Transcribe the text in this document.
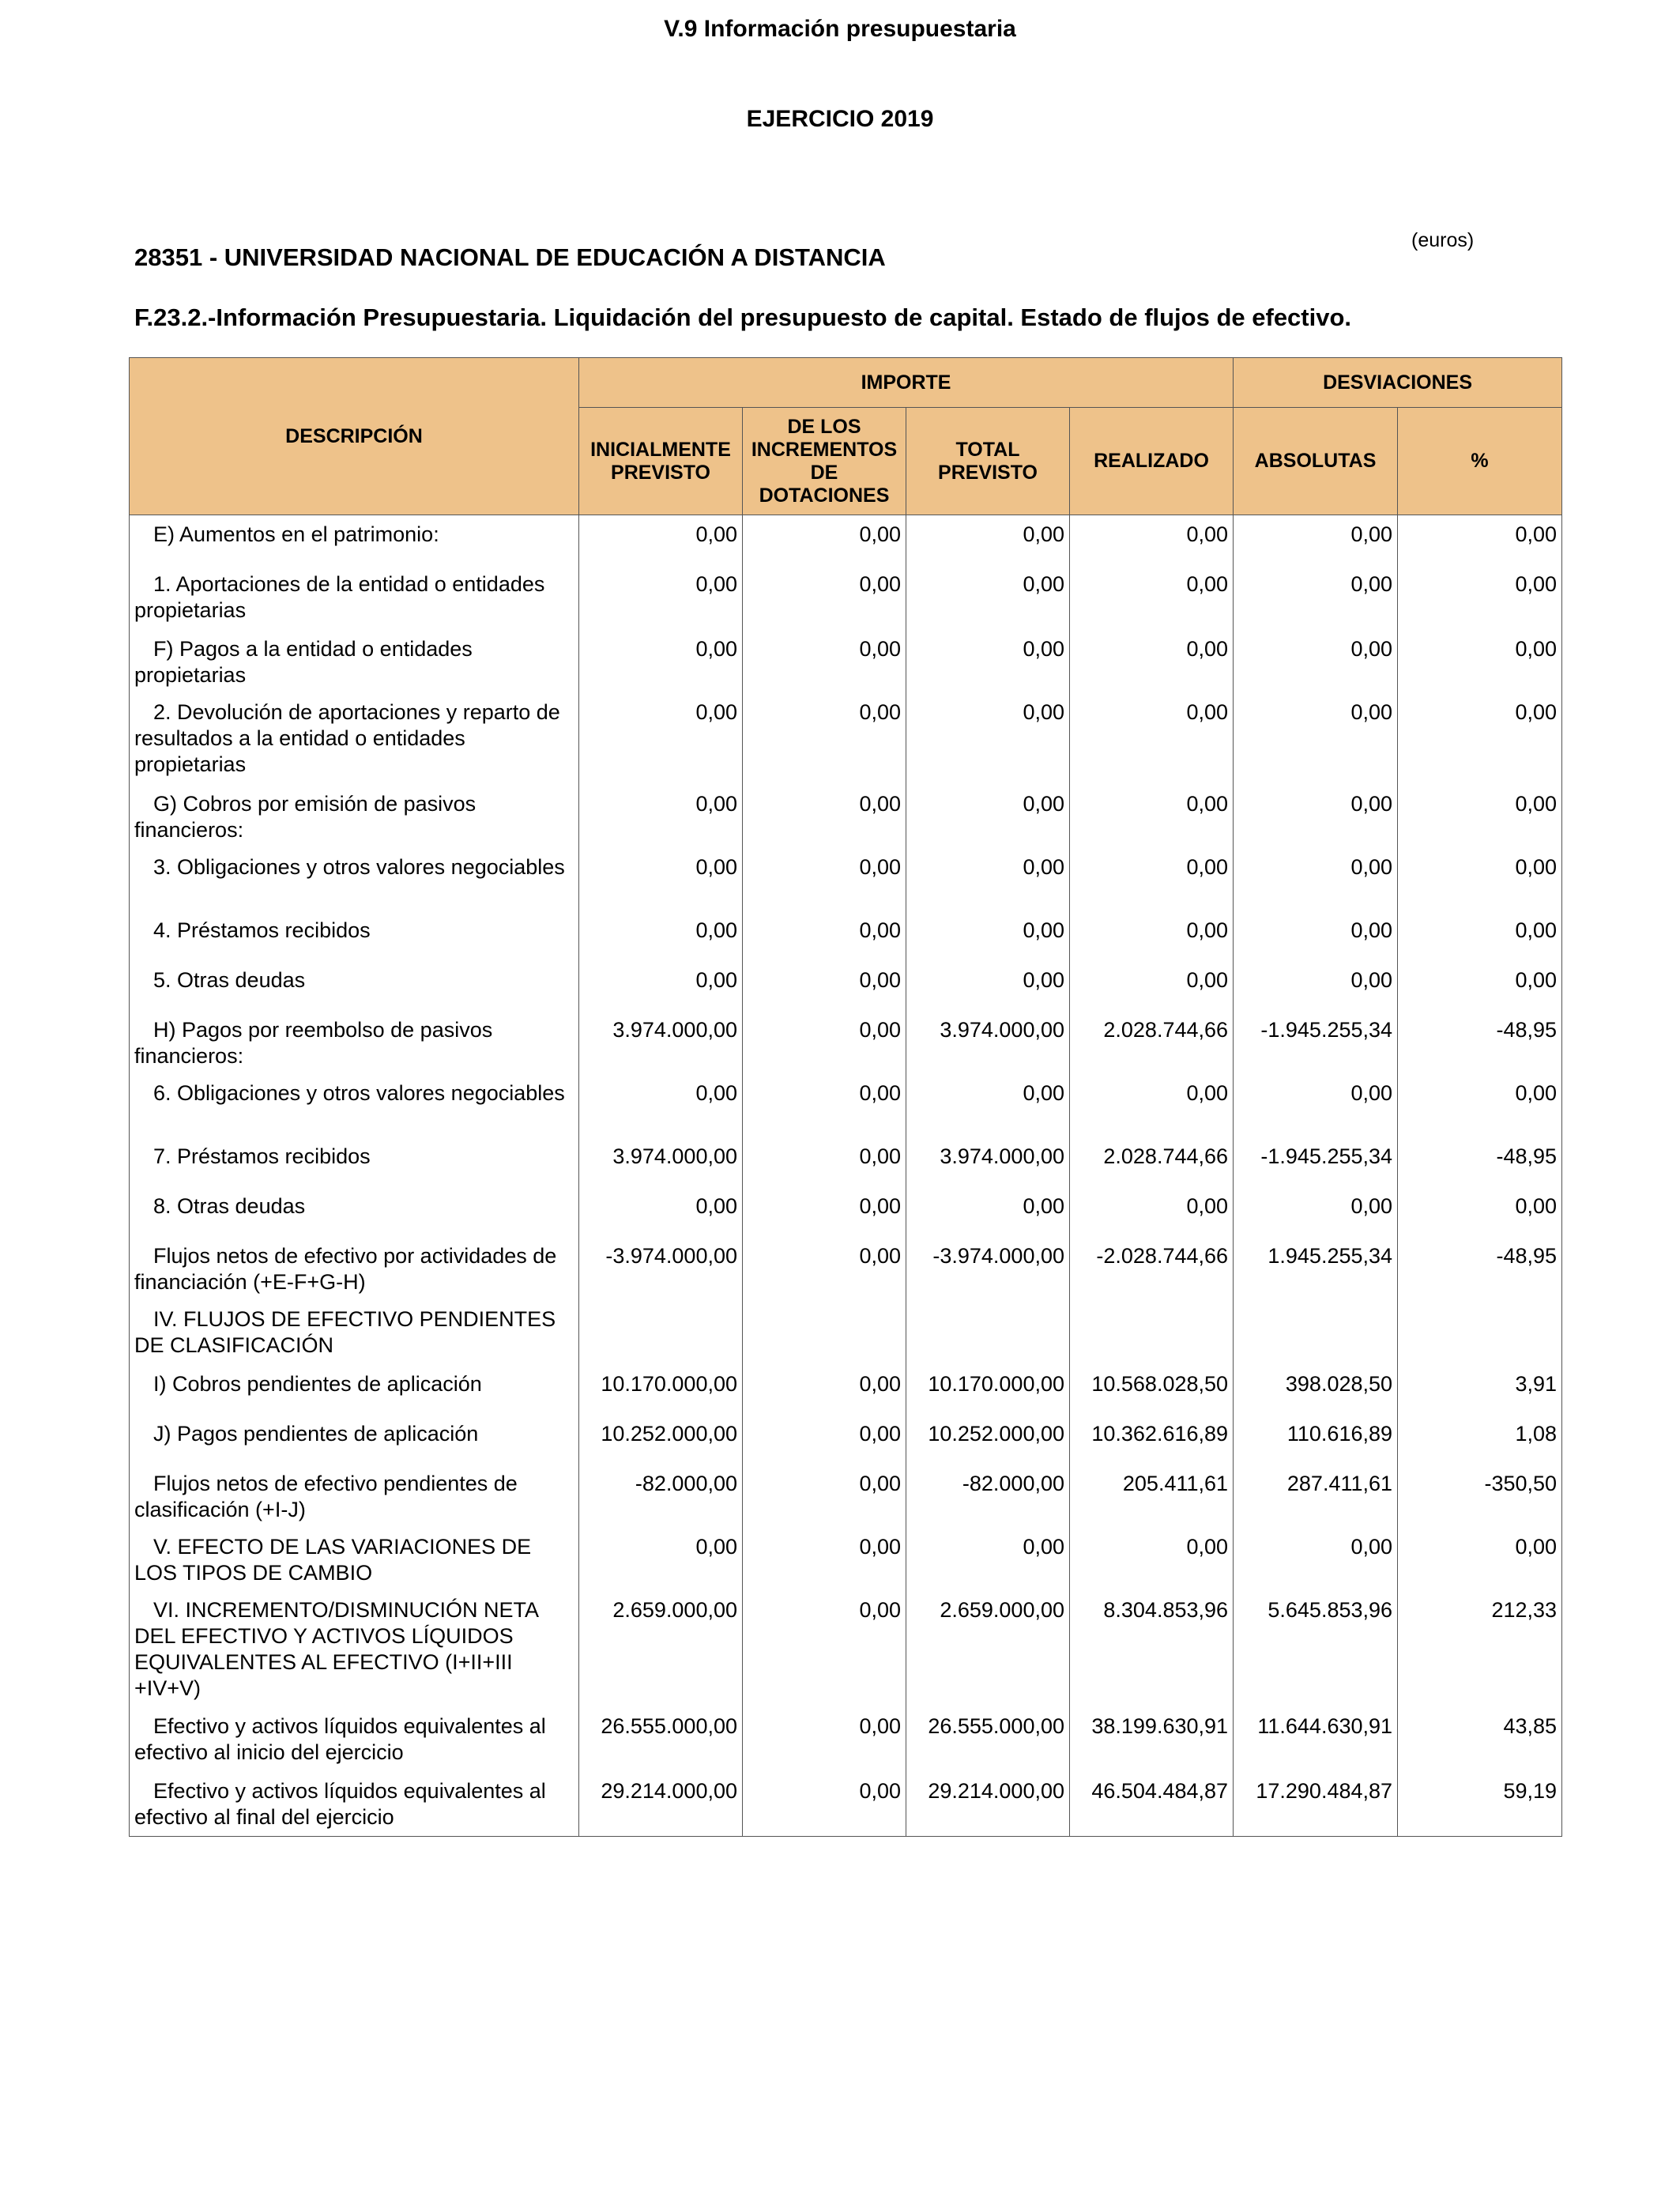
V.9 Información presupuestaria
EJERCICIO 2019
(euros)
28351 - UNIVERSIDAD NACIONAL DE EDUCACIÓN A DISTANCIA
F.23.2.-Información Presupuestaria. Liquidación del presupuesto de capital. Estado de flujos de efectivo.
DESCRIPCIÓN	IMPORTE				DESVIACIONES	
	INICIALMENTE PREVISTO	DE LOS INCREMENTOS DE DOTACIONES	TOTAL PREVISTO	REALIZADO	ABSOLUTAS	%
E) Aumentos en el patrimonio:	0,00	0,00	0,00	0,00	0,00	0,00
1. Aportaciones de la entidad o entidades propietarias	0,00	0,00	0,00	0,00	0,00	0,00
F) Pagos a la entidad o entidades propietarias	0,00	0,00	0,00	0,00	0,00	0,00
2. Devolución de aportaciones y reparto de resultados a la entidad o entidades propietarias	0,00	0,00	0,00	0,00	0,00	0,00
G) Cobros por emisión de pasivos financieros:	0,00	0,00	0,00	0,00	0,00	0,00
3. Obligaciones y otros valores negociables	0,00	0,00	0,00	0,00	0,00	0,00
4. Préstamos recibidos	0,00	0,00	0,00	0,00	0,00	0,00
5. Otras deudas	0,00	0,00	0,00	0,00	0,00	0,00
H) Pagos por reembolso de pasivos financieros:	3.974.000,00	0,00	3.974.000,00	2.028.744,66	-1.945.255,34	-48,95
6. Obligaciones y otros valores negociables	0,00	0,00	0,00	0,00	0,00	0,00
7. Préstamos recibidos	3.974.000,00	0,00	3.974.000,00	2.028.744,66	-1.945.255,34	-48,95
8. Otras deudas	0,00	0,00	0,00	0,00	0,00	0,00
Flujos netos de efectivo por actividades de financiación (+E-F+G-H)	-3.974.000,00	0,00	-3.974.000,00	-2.028.744,66	1.945.255,34	-48,95
IV. FLUJOS DE EFECTIVO PENDIENTES DE CLASIFICACIÓN						
I) Cobros pendientes de aplicación	10.170.000,00	0,00	10.170.000,00	10.568.028,50	398.028,50	3,91
J) Pagos pendientes de aplicación	10.252.000,00	0,00	10.252.000,00	10.362.616,89	110.616,89	1,08
Flujos netos de efectivo pendientes de clasificación (+I-J)	-82.000,00	0,00	-82.000,00	205.411,61	287.411,61	-350,50
V. EFECTO DE LAS VARIACIONES DE LOS TIPOS DE CAMBIO	0,00	0,00	0,00	0,00	0,00	0,00
VI. INCREMENTO/DISMINUCIÓN NETA DEL EFECTIVO Y ACTIVOS LÍQUIDOS EQUIVALENTES AL EFECTIVO (I+II+III +IV+V)	2.659.000,00	0,00	2.659.000,00	8.304.853,96	5.645.853,96	212,33
Efectivo y activos líquidos equivalentes al efectivo al inicio del ejercicio	26.555.000,00	0,00	26.555.000,00	38.199.630,91	11.644.630,91	43,85
Efectivo y activos líquidos equivalentes al efectivo al final del ejercicio	29.214.000,00	0,00	29.214.000,00	46.504.484,87	17.290.484,87	59,19
